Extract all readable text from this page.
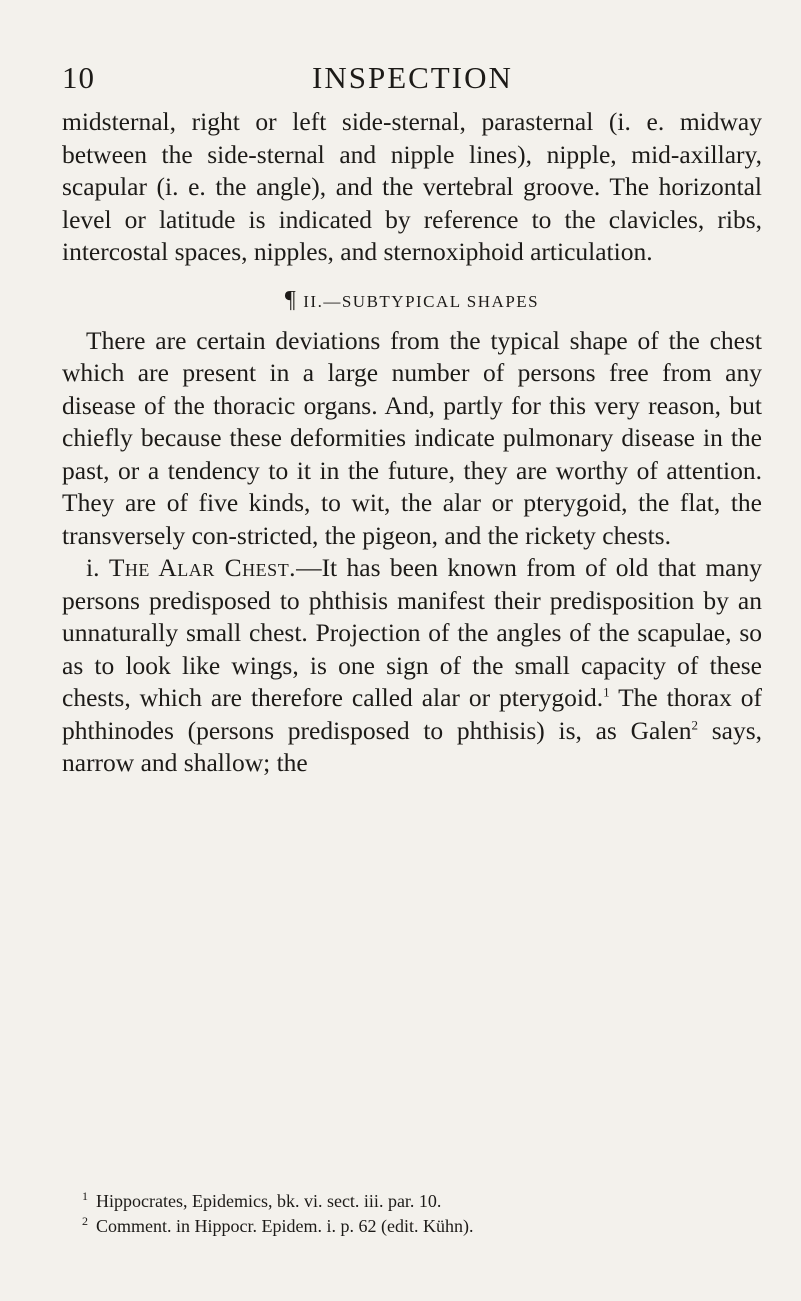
10	INSPECTION

midsternal, right or left side-sternal, parasternal (i. e. midway between the side-sternal and nipple lines), nipple, mid-axillary, scapular (i. e. the angle), and the vertebral groove. The horizontal level or latitude is indicated by reference to the clavicles, ribs, intercostal spaces, nipples, and sternoxiphoid articulation.

¶ II.—SUBTYPICAL SHAPES

There are certain deviations from the typical shape of the chest which are present in a large number of persons free from any disease of the thoracic organs. And, partly for this very reason, but chiefly because these deformities indicate pulmonary disease in the past, or a tendency to it in the future, they are worthy of attention. They are of five kinds, to wit, the alar or pterygoid, the flat, the transversely con-stricted, the pigeon, and the rickety chests.

i. The Alar Chest.—It has been known from of old that many persons predisposed to phthisis manifest their predisposition by an unnaturally small chest. Projection of the angles of the scapulae, so as to look like wings, is one sign of the small capacity of these chests, which are therefore called alar or pterygoid.$^1$ The thorax of phthinodes (persons predisposed to phthisis) is, as Galen$^2$ says, narrow and shallow; the

$^1$ Hippocrates, Epidemics, bk. vi. sect. iii. par. 10.

$^2$ Comment. in Hippocr. Epidem. i. p. 62 (edit. Kühn).
